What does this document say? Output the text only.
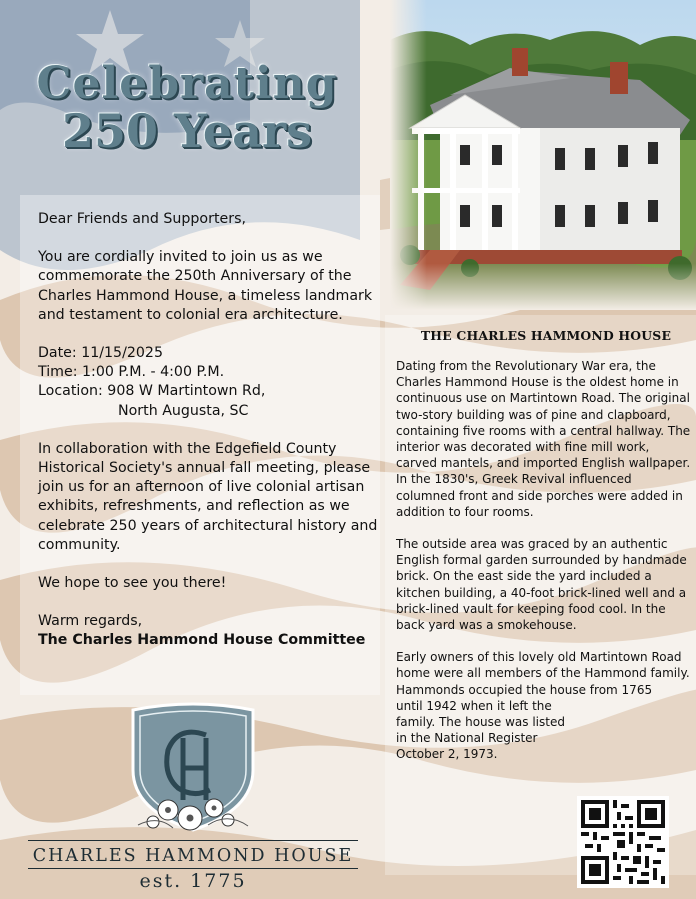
Celebrating
250 Years

Dear Friends and Supporters,

You are cordially invited to join us as we commemorate the 250th Anniversary of the Charles Hammond House, a timeless landmark and testament to colonial era architecture.

Date: 11/15/2025
Time: 1:00 P.M. - 4:00 P.M.
Location: 908 W Martintown Rd,
North Augusta, SC

In collaboration with the Edgefield County Historical Society's annual fall meeting, please join us for an afternoon of live colonial artisan exhibits, refreshments, and reflection as we celebrate 250 years of architectural history and community.

We hope to see you there!

Warm regards,
The Charles Hammond House Committee
THE CHARLES HAMMOND HOUSE

Dating from the Revolutionary War era, the Charles Hammond House is the oldest home in continuous use on Martintown Road. The original two-story building was of pine and clapboard, containing five rooms with a central hallway. The interior was decorated with fine mill work, carved mantels, and imported English wallpaper. In the 1830's, Greek Revival influenced columned front and side porches were added in addition to four rooms.

The outside area was graced by an authentic English formal garden surrounded by handmade brick. On the east side the yard included a kitchen building, a 40-foot brick-lined well and a brick-lined vault for keeping food cool. In the back yard was a smokehouse.

Early owners of this lovely old Martintown Road home were all members of the Hammond family. Hammonds occupied the house from 1765
until 1942 when it left the family. The house was listed in the National Register October 2, 1973.
CHARLES HAMMOND HOUSE
est. 1775
